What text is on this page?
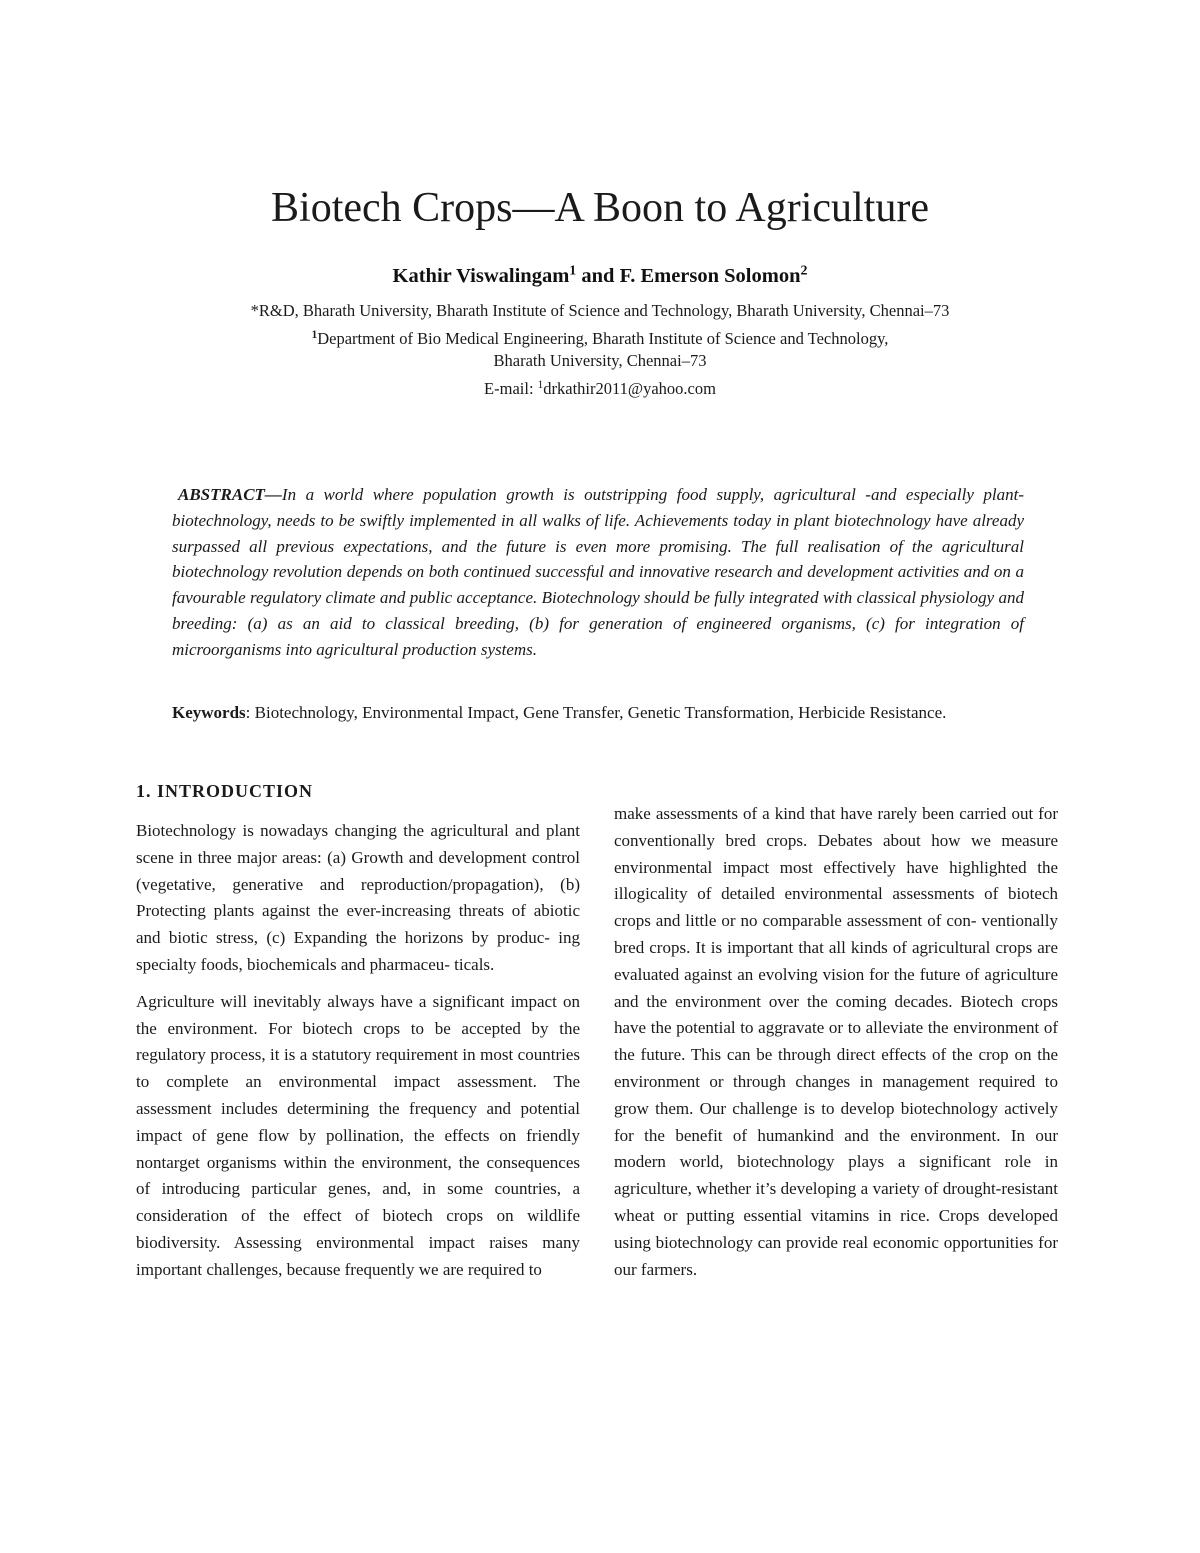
Biotech Crops—A Boon to Agriculture
Kathir Viswalingam$^1$ and F. Emerson Solomon$^2$
*R&D, Bharath University, Bharath Institute of Science and Technology, Bharath University, Chennai–73
$^1$Department of Bio Medical Engineering, Bharath Institute of Science and Technology,
Bharath University, Chennai–73
E-mail: $^1$drkathir2011@yahoo.com

ABSTRACT—In a world where population growth is outstripping food supply, agricultural -and especially plant-biotechnology, needs to be swiftly implemented in all walks of life. Achievements today in plant biotechnology have already surpassed all previous expectations, and the future is even more promising. The full realisation of the agricultural biotechnology revolution depends on both continued successful and innovative research and development activities and on a favourable regulatory climate and public acceptance. Biotechnology should be fully integrated with classical physiology and breeding: (a) as an aid to classical breeding, (b) for generation of engineered organisms, (c) for integration of microorganisms into agricultural production systems.

Keywords: Biotechnology, Environmental Impact, Gene Transfer, Genetic Transformation, Herbicide Resistance.

1. INTRODUCTION

Biotechnology is nowadays changing the agricultural and plant scene in three major areas: (a) Growth and development control (vegetative, generative and reproduction/propagation), (b) Protecting plants against the ever-increasing threats of abiotic and biotic stress, (c) Expanding the horizons by produc- ing specialty foods, biochemicals and pharmaceu- ticals.

Agriculture will inevitably always have a significant impact on the environment. For biotech crops to be accepted by the regulatory process, it is a statutory requirement in most countries to complete an environmental impact assessment. The assessment includes determining the frequency and potential impact of gene flow by pollination, the effects on friendly nontarget organisms within the environment, the consequences of introducing particular genes, and, in some countries, a consideration of the effect of biotech crops on wildlife biodiversity. Assessing environmental impact raises many important challenges, because frequently we are required to

make assessments of a kind that have rarely been carried out for conventionally bred crops. Debates about how we measure environmental impact most effectively have highlighted the illogicality of detailed environmental assessments of biotech crops and little or no comparable assessment of con- ventionally bred crops. It is important that all kinds of agricultural crops are evaluated against an evolving vision for the future of agriculture and the environment over the coming decades. Biotech crops have the potential to aggravate or to alleviate the environment of the future. This can be through direct effects of the crop on the environment or through changes in management required to grow them. Our challenge is to develop biotechnology actively for the benefit of humankind and the environment. In our modern world, biotechnology plays a significant role in agriculture, whether it’s developing a variety of drought-resistant wheat or putting essential vitamins in rice. Crops developed using biotechnology can provide real economic opportunities for our farmers.
